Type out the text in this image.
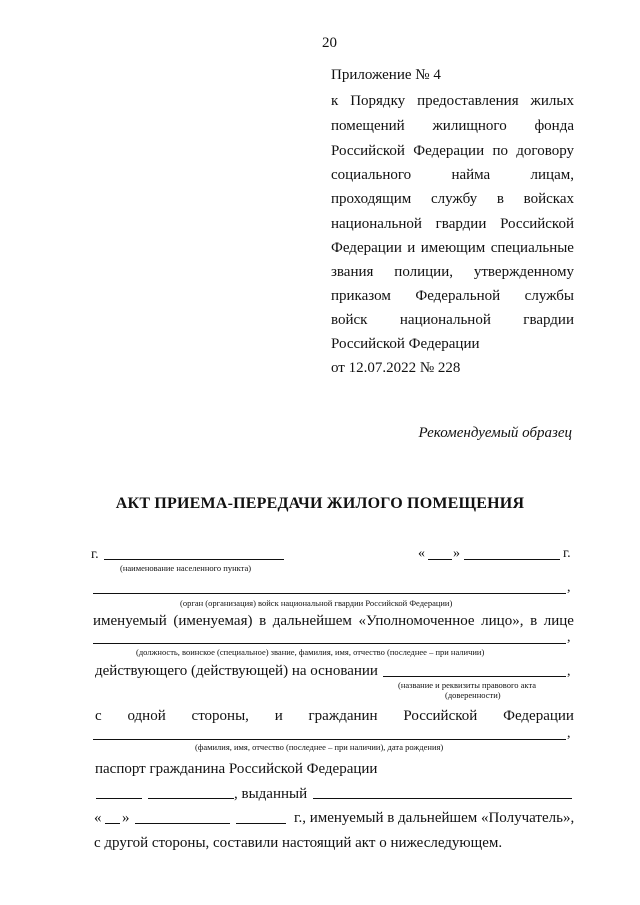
20
Приложение № 4
к Порядку предоставления жилых
помещений жилищного фонда
Российской Федерации по договору
социального	найма	лицам,
проходящим службу в войсках
национальной гвардии Российской
Федерации и имеющим специальные
звания полиции, утвержденному
приказом Федеральной службы
войск национальной гвардии
Российской Федерации
от 12.07.2022 № 228
Рекомендуемый образец
АКТ ПРИЕМА-ПЕРЕДАЧИ ЖИЛОГО ПОМЕЩЕНИЯ
г.
(наименование населенного пункта)
« »	г.
,
(орган (организация) войск национальной гвардии Российской Федерации)
именуемый (именуемая) в дальнейшем «Уполномоченное лицо», в лице
,
(должность, воинское (специальное) звание, фамилия, имя, отчество (последнее – при наличии)
действующего (действующей) на основании	,
(название и реквизиты правового акта
(доверенности)
с одной стороны, и гражданин Российской Федерации
,
(фамилия, имя, отчество (последнее – при наличии), дата рождения)
паспорт гражданина Российской Федерации
, выданный
« »	г., именуемый в дальнейшем «Получатель»,
с другой стороны, составили настоящий акт о нижеследующем.
